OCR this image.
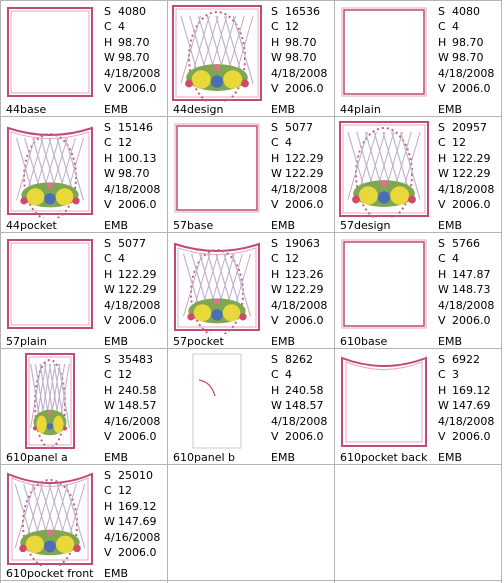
S 4080
C 4
H 98.70
W 98.70
4/18/2008
V 2006.0
44base	EMB
S 16536
C 12
H 98.70
W 98.70
4/18/2008
V 2006.0
44design	EMB
S 4080
C 4
H 98.70
W 98.70
4/18/2008
V 2006.0
44plain	EMB
S 15146
C 12
H 100.13
W 98.70
4/18/2008
V 2006.0
44pocket	EMB
S 5077
C 4
H 122.29
W 122.29
4/18/2008
V 2006.0
57base	EMB
S 20957
C 12
H 122.29
W 122.29
4/18/2008
V 2006.0
57design	EMB
S 5077
C 4
H 122.29
W 122.29
4/18/2008
V 2006.0
57plain	EMB
S 19063
C 12
H 123.26
W 122.29
4/18/2008
V 2006.0
57pocket	EMB
S 5766
C 4
H 147.87
W 148.73
4/18/2008
V 2006.0
610base	EMB
S 35483
C 12
H 240.58
W 148.57
4/16/2008
V 2006.0
610panel a	EMB
S 8262
C 4
H 240.58
W 148.57
4/18/2008
V 2006.0
610panel b	EMB
S 6922
C 3
H 169.12
W 147.69
4/18/2008
V 2006.0
610pocket back EMB
S 25010
C 12
H 169.12
W 147.69
4/16/2008
V 2006.0
610pocket front EMB
